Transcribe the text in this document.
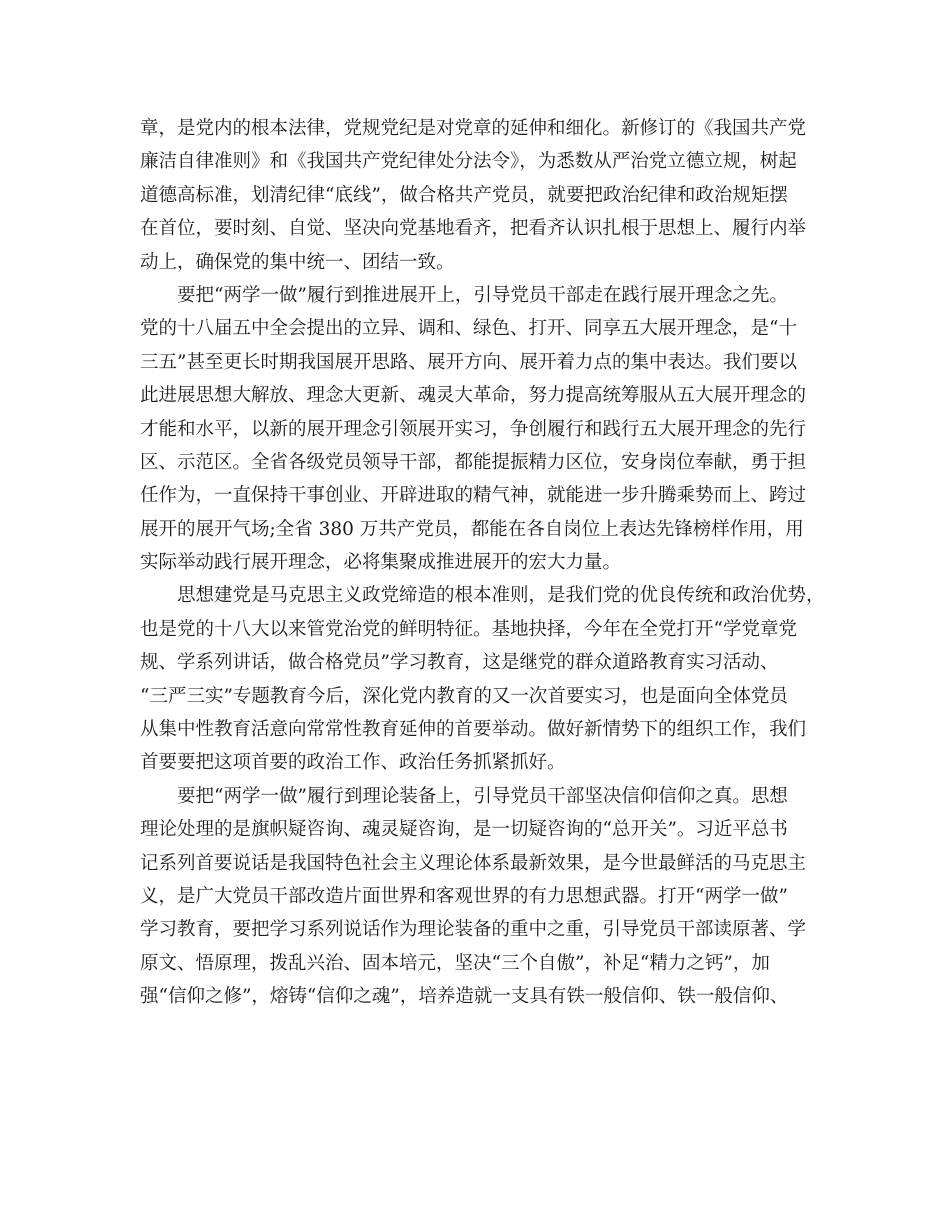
章，是党内的根本法律，党规党纪是对党章的延伸和细化。新修订的《我国共产党
廉洁自律准则》和《我国共产党纪律处分法令》，为悉数从严治党立德立规，树起
道德高标准，划清纪律“底线”，做合格共产党员，就要把政治纪律和政治规矩摆
在首位，要时刻、自觉、坚决向党基地看齐，把看齐认识扎根于思想上、履行内举
动上，确保党的集中统一、团结一致。
要把“两学一做”履行到推进展开上，引导党员干部走在践行展开理念之先。
党的十八届五中全会提出的立异、调和、绿色、打开、同享五大展开理念，是“十
三五”甚至更长时期我国展开思路、展开方向、展开着力点的集中表达。我们要以
此进展思想大解放、理念大更新、魂灵大革命，努力提高统筹服从五大展开理念的
才能和水平，以新的展开理念引领展开实习，争创履行和践行五大展开理念的先行
区、示范区。全省各级党员领导干部，都能提振精力区位，安身岗位奉献，勇于担
任作为，一直保持干事创业、开辟进取的精气神，就能进一步升腾乘势而上、跨过
展开的展开气场;全省 380 万共产党员，都能在各自岗位上表达先锋榜样作用，用
实际举动践行展开理念，必将集聚成推进展开的宏大力量。
思想建党是马克思主义政党缔造的根本准则，是我们党的优良传统和政治优势，
也是党的十八大以来管党治党的鲜明特征。基地抉择，今年在全党打开“学党章党
规、学系列讲话，做合格党员”学习教育，这是继党的群众道路教育实习活动、
“三严三实”专题教育今后，深化党内教育的又一次首要实习，也是面向全体党员
从集中性教育活意向常常性教育延伸的首要举动。做好新情势下的组织工作，我们
首要要把这项首要的政治工作、政治任务抓紧抓好。
要把“两学一做”履行到理论装备上，引导党员干部坚决信仰信仰之真。思想
理论处理的是旗帜疑咨询、魂灵疑咨询，是一切疑咨询的“总开关”。习近平总书
记系列首要说话是我国特色社会主义理论体系最新效果，是今世最鲜活的马克思主
义，是广大党员干部改造片面世界和客观世界的有力思想武器。打开“两学一做”
学习教育，要把学习系列说话作为理论装备的重中之重，引导党员干部读原著、学
原文、悟原理，拨乱兴治、固本培元，坚决“三个自傲”，补足“精力之钙”，加
强“信仰之修”，熔铸“信仰之魂”，培养造就一支具有铁一般信仰、铁一般信仰、
